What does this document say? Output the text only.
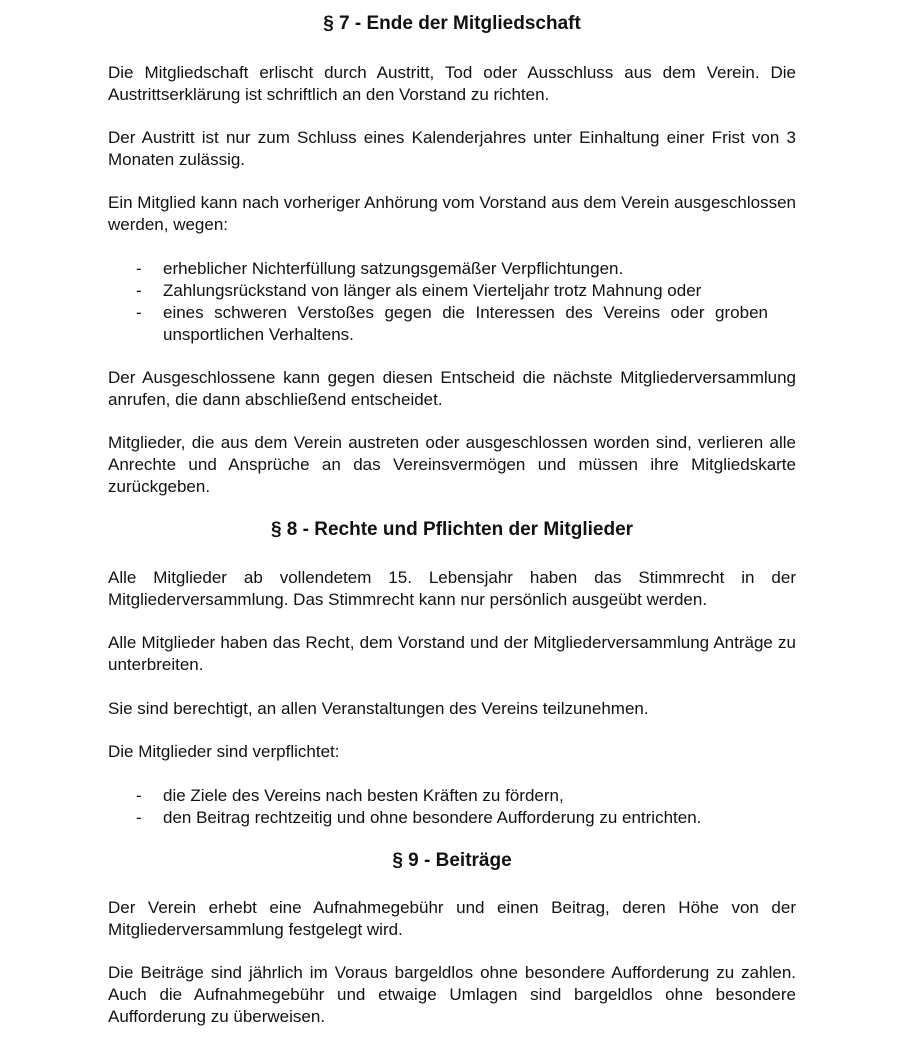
§ 7 - Ende der Mitgliedschaft

Die Mitgliedschaft erlischt durch Austritt, Tod oder Ausschluss aus dem Verein. Die Austrittserklärung ist schriftlich an den Vorstand zu richten.

Der Austritt ist nur zum Schluss eines Kalenderjahres unter Einhaltung einer Frist von 3 Monaten zulässig.

Ein Mitglied kann nach vorheriger Anhörung vom Vorstand aus dem Verein ausgeschlossen werden, wegen:

- erheblicher Nichterfüllung satzungsgemäßer Verpflichtungen.
- Zahlungsrückstand von länger als einem Vierteljahr trotz Mahnung oder
- eines schweren Verstoßes gegen die Interessen des Vereins oder groben unsportlichen Verhaltens.

Der Ausgeschlossene kann gegen diesen Entscheid die nächste Mitgliederversammlung anrufen, die dann abschließend entscheidet.

Mitglieder, die aus dem Verein austreten oder ausgeschlossen worden sind, verlieren alle Anrechte und Ansprüche an das Vereinsvermögen und müssen ihre Mitgliedskarte zurückgeben.

§ 8 - Rechte und Pflichten der Mitglieder

Alle Mitglieder ab vollendetem 15. Lebensjahr haben das Stimmrecht in der Mitgliederversammlung. Das Stimmrecht kann nur persönlich ausgeübt werden.

Alle Mitglieder haben das Recht, dem Vorstand und der Mitgliederversammlung Anträge zu unterbreiten.

Sie sind berechtigt, an allen Veranstaltungen des Vereins teilzunehmen.

Die Mitglieder sind verpflichtet:

- die Ziele des Vereins nach besten Kräften zu fördern,
- den Beitrag rechtzeitig und ohne besondere Aufforderung zu entrichten.
§ 9 - Beiträge

Der Verein erhebt eine Aufnahmegebühr und einen Beitrag, deren Höhe von der Mitgliederversammlung festgelegt wird.

Die Beiträge sind jährlich im Voraus bargeldlos ohne besondere Aufforderung zu zahlen. Auch die Aufnahmegebühr und etwaige Umlagen sind bargeldlos ohne besondere Aufforderung zu überweisen.
